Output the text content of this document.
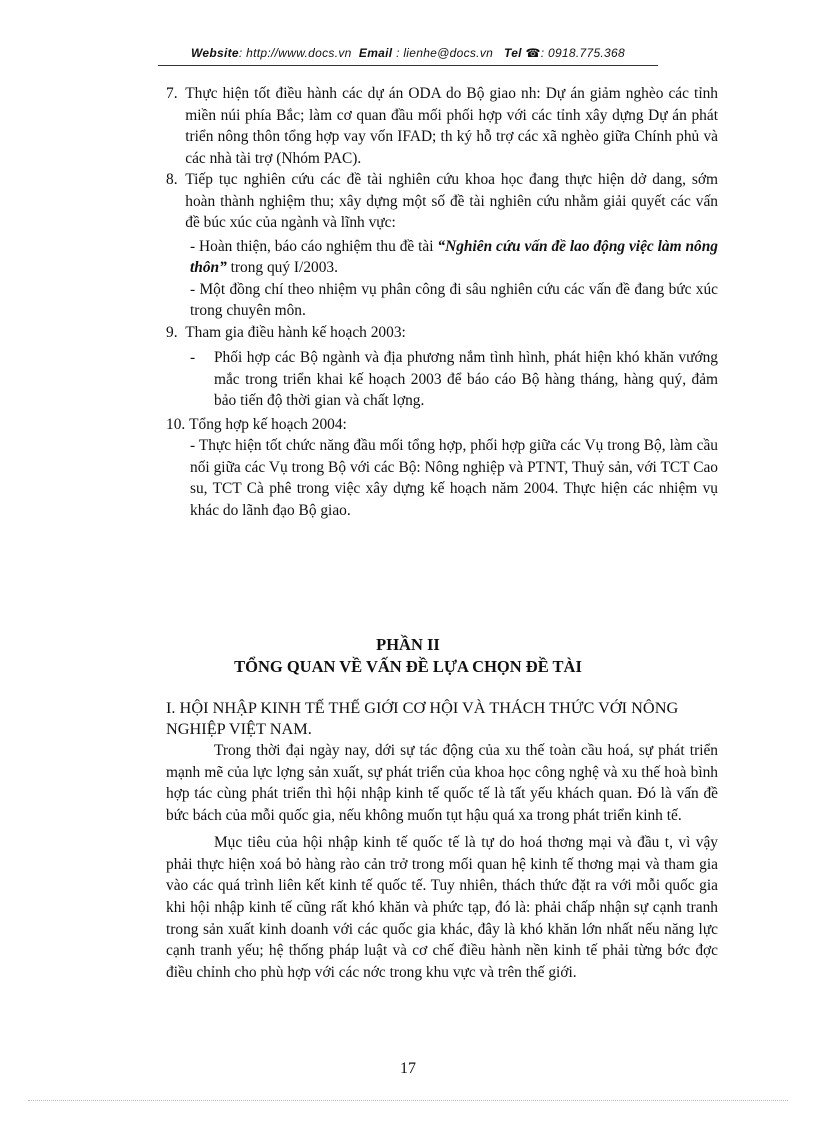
Website: http://www.docs.vn Email : lienhe@docs.vn Tel ☎: 0918.775.368
7. Thực hiện tốt điều hành các dự án ODA do Bộ giao nh: Dự án giảm nghèo các tỉnh miền núi phía Bắc; làm cơ quan đầu mối phối hợp với các tỉnh xây dựng Dự án phát triển nông thôn tổng hợp vay vốn IFAD; th ký hỗ trợ các xã nghèo giữa Chính phủ và các nhà tài trợ (Nhóm PAC).
8. Tiếp tục nghiên cứu các đề tài nghiên cứu khoa học đang thực hiện dở dang, sớm hoàn thành nghiệm thu; xây dựng một số đề tài nghiên cứu nhằm giải quyết các vấn đề búc xúc của ngành và lĩnh vực:

- Hoàn thiện, báo cáo nghiệm thu đề tài “Nghiên cứu vấn đề lao động việc làm nông thôn” trong quý I/2003.

- Một đồng chí theo nhiệm vụ phân công đi sâu nghiên cứu các vấn đề đang bức xúc trong chuyên môn.

9. Tham gia điều hành kế hoạch 2003:
-	Phối hợp các Bộ ngành và địa phương nắm tình hình, phát hiện khó khăn vướng mắc trong triển khai kế hoạch 2003 để báo cáo Bộ hàng tháng, hàng quý, đảm bảo tiến độ thời gian và chất lợng.
10. Tổng hợp kế hoạch 2004:

- Thực hiện tốt chức năng đầu mối tổng hợp, phối hợp giữa các Vụ trong Bộ, làm cầu nối giữa các Vụ trong Bộ với các Bộ: Nông nghiệp và PTNT, Thuỷ sản, với TCT Cao su, TCT Cà phê trong việc xây dựng kế hoạch năm 2004. Thực hiện các nhiệm vụ khác do lãnh đạo Bộ giao.

PHẦN II
TỔNG QUAN VỀ VẤN ĐỀ LỰA CHỌN ĐỀ TÀI
I. HỘI NHẬP KINH TẾ THẾ GIỚI CƠ HỘI VÀ THÁCH THỨC VỚI NÔNG NGHIỆP VIỆT NAM.

Trong thời đại ngày nay, dới sự tác động của xu thế toàn cầu hoá, sự phát triển mạnh mẽ của lực lợng sản xuất, sự phát triển của khoa học công nghệ và xu thế hoà bình hợp tác cùng phát triển thì hội nhập kinh tế quốc tế là tất yếu khách quan. Đó là vấn đề bức bách của mỗi quốc gia, nếu không muốn tụt hậu quá xa trong phát triển kinh tế.

Mục tiêu của hội nhập kinh tế quốc tế là tự do hoá thơng mại và đầu t, vì vậy phải thực hiện xoá bỏ hàng rào cản trở trong mối quan hệ kinh tế thơng mại và tham gia vào các quá trình liên kết kinh tế quốc tế. Tuy nhiên, thách thức đặt ra với mỗi quốc gia khi hội nhập kinh tế cũng rất khó khăn và phức tạp, đó là: phải chấp nhận sự cạnh tranh trong sản xuất kinh doanh với các quốc gia khác, đây là khó khăn lớn nhất nếu năng lực cạnh tranh yếu; hệ thống pháp luật và cơ chế điều hành nền kinh tế phải từng bớc đợc điều chỉnh cho phù hợp với các nớc trong khu vực và trên thế giới.

17
